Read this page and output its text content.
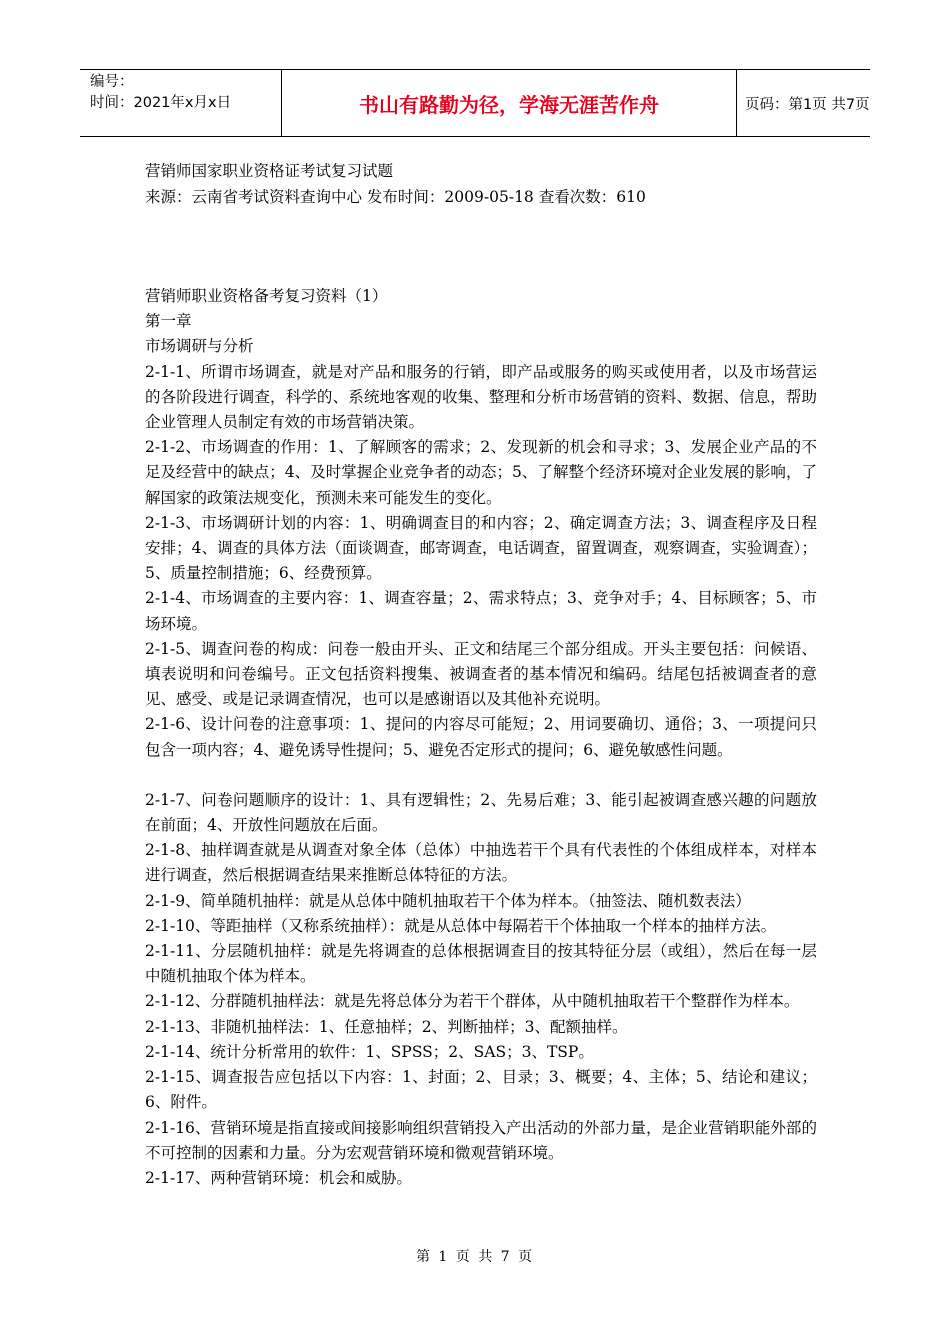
编号：
时间：2021年x月x日	书山有路勤为径，学海无涯苦作舟	页码：第1页 共7页
营销师国家职业资格证考试复习试题
来源：云南省考试资料查询中心 发布时间：2009-05-18 查看次数：610

营销师职业资格备考复习资料（1）

第一章

市场调研与分析

2-1-1、所谓市场调查，就是对产品和服务的行销，即产品或服务的购买或使用者，以及市场营运的各阶段进行调查，科学的、系统地客观的收集、整理和分析市场营销的资料、数据、信息，帮助企业管理人员制定有效的市场营销决策。

2-1-2、市场调查的作用：1、了解顾客的需求；2、发现新的机会和寻求；3、发展企业产品的不足及经营中的缺点；4、及时掌握企业竞争者的动态；5、了解整个经济环境对企业发展的影响，了解国家的政策法规变化，预测未来可能发生的变化。

2-1-3、市场调研计划的内容：1、明确调查目的和内容；2、确定调查方法；3、调查程序及日程安排；4、调查的具体方法（面谈调查，邮寄调查，电话调查，留置调查，观察调查，实验调查）；5、质量控制措施；6、经费预算。

2-1-4、市场调查的主要内容：1、调查容量；2、需求特点；3、竞争对手；4、目标顾客；5、市场环境。

2-1-5、调查问卷的构成：问卷一般由开头、正文和结尾三个部分组成。开头主要包括：问候语、填表说明和问卷编号。正文包括资料搜集、被调查者的基本情况和编码。结尾包括被调查者的意见、感受、或是记录调查情况，也可以是感谢语以及其他补充说明。

2-1-6、设计问卷的注意事项：1、提问的内容尽可能短；2、用词要确切、通俗；3、一项提问只包含一项内容；4、避免诱导性提问；5、避免否定形式的提问；6、避免敏感性问题。

2-1-7、问卷问题顺序的设计：1、具有逻辑性；2、先易后难；3、能引起被调查感兴趣的问题放在前面；4、开放性问题放在后面。

2-1-8、抽样调查就是从调查对象全体（总体）中抽选若干个具有代表性的个体组成样本，对样本进行调查，然后根据调查结果来推断总体特征的方法。

2-1-9、简单随机抽样：就是从总体中随机抽取若干个体为样本。（抽签法、随机数表法）

2-1-10、等距抽样（又称系统抽样）：就是从总体中每隔若干个体抽取一个样本的抽样方法。

2-1-11、分层随机抽样：就是先将调查的总体根据调查目的按其特征分层（或组），然后在每一层中随机抽取个体为样本。

2-1-12、分群随机抽样法：就是先将总体分为若干个群体，从中随机抽取若干个整群作为样本。

2-1-13、非随机抽样法：1、任意抽样；2、判断抽样；3、配额抽样。

2-1-14、统计分析常用的软件：1、SPSS；2、SAS；3、TSP。

2-1-15、调查报告应包括以下内容：1、封面；2、目录；3、概要；4、主体；5、结论和建议；6、附件。

2-1-16、营销环境是指直接或间接影响组织营销投入产出活动的外部力量，是企业营销职能外部的不可控制的因素和力量。分为宏观营销环境和微观营销环境。

2-1-17、两种营销环境：机会和威胁。

第 1 页 共 7 页
